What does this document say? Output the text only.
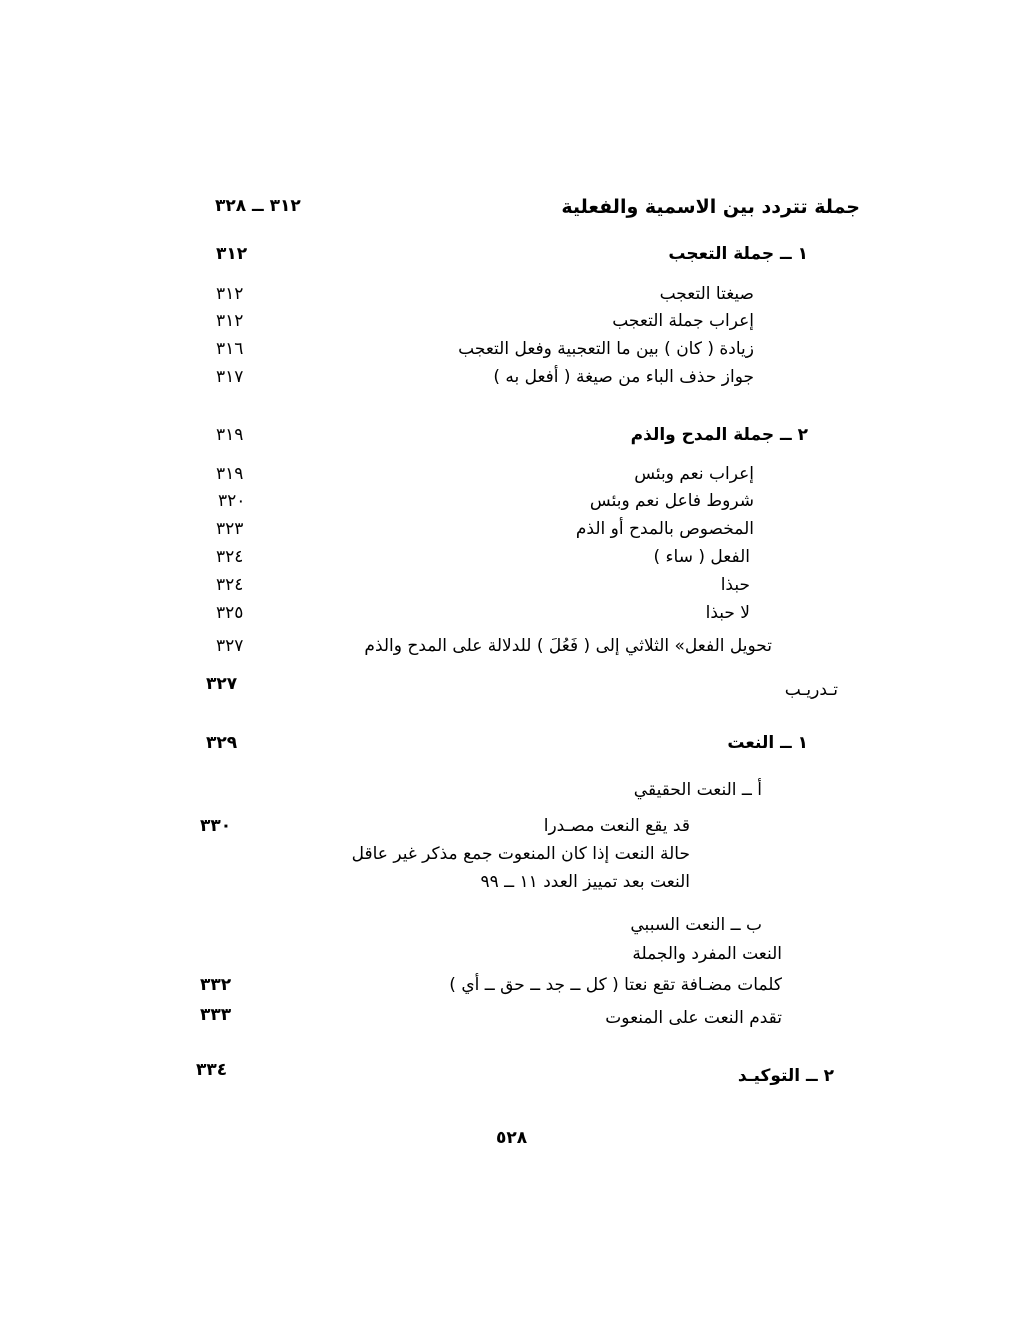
جملة تتردد بين الاسمية والفعلية
٣١٢ ــ ٣٢٨
١ ــ جملة التعجب
٣١٢
صيغتا التعجب
٣١٢
إعراب جملة التعجب
٣١٢
زيادة ( كان ) بين ما التعجبية وفعل التعجب
٣١٦
جواز حذف الباء من صيغة ( أفعل به )
٣١٧
٢ ــ جملة المدح والذم
٣١٩
إعراب نعم وبئس
٣١٩
شروط فاعل نعم وبئس
٣٢٠
المخصوص بالمدح أو الذم
٣٢٣
الفعل ( ساء )
٣٢٤
حبذا
٣٢٤
لا حبذا
٣٢٥
تحويل الفعل» الثلاثي إلى ( فَعُلَ ) للدلالة على المدح والذم
٣٢٧
تـدريـب
٣٢٧
١ ــ النعت
٣٢٩
أ ــ النعت الحقيقي
قد يقع النعت مصـدرا
٣٣٠
حالة النعت إذا كان المنعوت جمع مذكر غير عاقل
النعت بعد تمييز العدد ١١ ــ ٩٩
ب ــ النعت السببي
النعت المفرد والجملة
كلمات مضـافة تقع نعتا ( كل ــ جد ــ حق ــ أي )
٣٣٢
تقدم النعت على المنعوت
٣٣٣
٢ ــ التوكيـد
٣٣٤
٥٢٨
